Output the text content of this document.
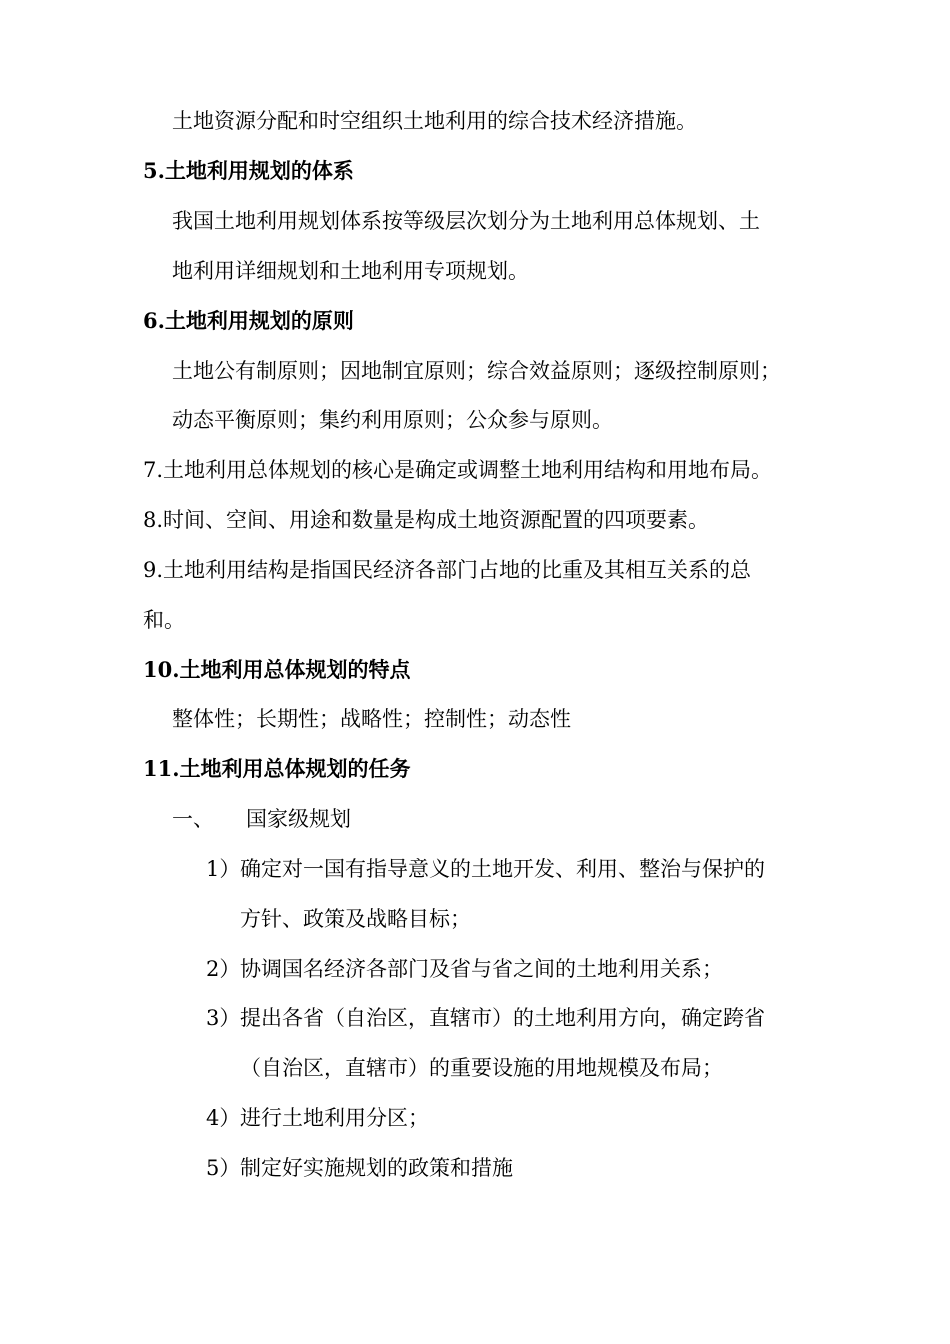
土地资源分配和时空组织土地利用的综合技术经济措施。
5.土地利用规划的体系
我国土地利用规划体系按等级层次划分为土地利用总体规划、土
地利用详细规划和土地利用专项规划。
6.土地利用规划的原则
土地公有制原则；因地制宜原则；综合效益原则；逐级控制原则；
动态平衡原则；集约利用原则；公众参与原则。
7.土地利用总体规划的核心是确定或调整土地利用结构和用地布局。
8.时间、空间、用途和数量是构成土地资源配置的四项要素。
9.土地利用结构是指国民经济各部门占地的比重及其相互关系的总
和。
10.土地利用总体规划的特点
整体性；长期性；战略性；控制性；动态性
11.土地利用总体规划的任务
一、 国家级规划
1）确定对一国有指导意义的土地开发、利用、整治与保护的
方针、政策及战略目标；
2）协调国名经济各部门及省与省之间的土地利用关系；
3）提出各省（自治区，直辖市）的土地利用方向，确定跨省
（自治区，直辖市）的重要设施的用地规模及布局；
4）进行土地利用分区；
5）制定好实施规划的政策和措施
